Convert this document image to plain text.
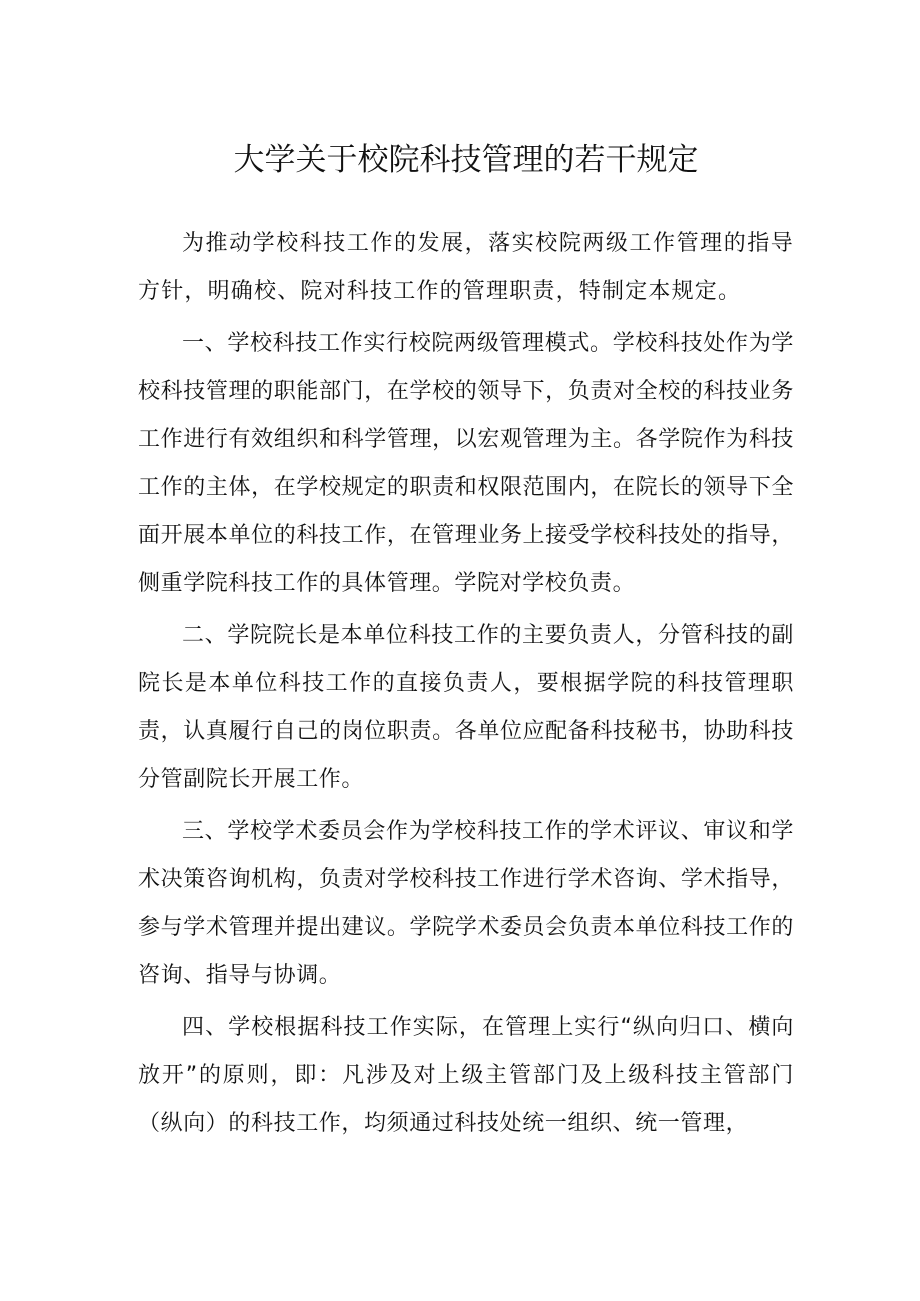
大学关于校院科技管理的若干规定

为推动学校科技工作的发展，落实校院两级工作管理的指导方针，明确校、院对科技工作的管理职责，特制定本规定。

一、学校科技工作实行校院两级管理模式。学校科技处作为学校科技管理的职能部门，在学校的领导下，负责对全校的科技业务工作进行有效组织和科学管理，以宏观管理为主。各学院作为科技工作的主体，在学校规定的职责和权限范围内，在院长的领导下全面开展本单位的科技工作，在管理业务上接受学校科技处的指导，侧重学院科技工作的具体管理。学院对学校负责。

二、学院院长是本单位科技工作的主要负责人，分管科技的副院长是本单位科技工作的直接负责人，要根据学院的科技管理职责，认真履行自己的岗位职责。各单位应配备科技秘书，协助科技分管副院长开展工作。

三、学校学术委员会作为学校科技工作的学术评议、审议和学术决策咨询机构，负责对学校科技工作进行学术咨询、学术指导，参与学术管理并提出建议。学院学术委员会负责本单位科技工作的咨询、指导与协调。

四、学校根据科技工作实际，在管理上实行“纵向归口、横向放开”的原则，即：凡涉及对上级主管部门及上级科技主管部门（纵向）的科技工作，均须通过科技处统一组织、统一管理，
